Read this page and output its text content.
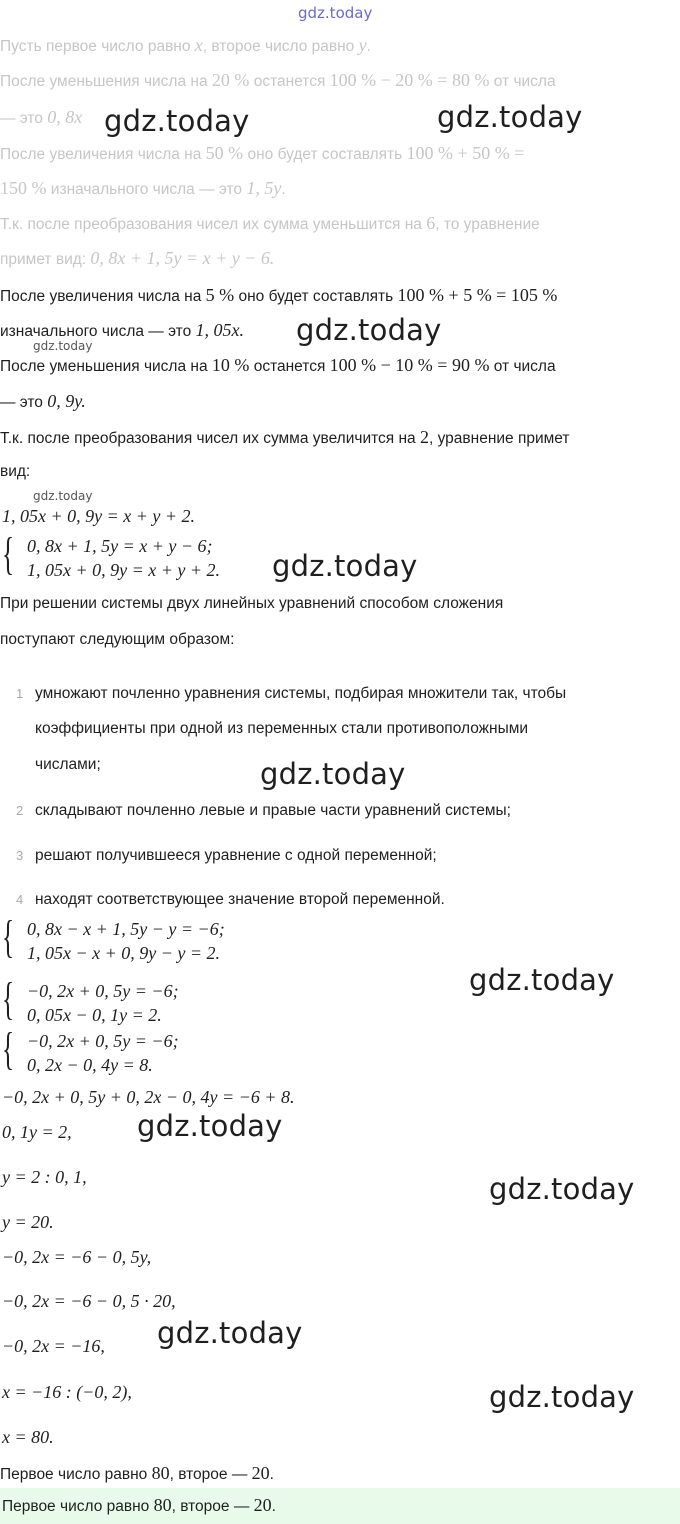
gdz.today
Пусть первое число равно x, второе число равно y.
После уменьшения числа на 20 % останется 100 % − 20 % = 80 % от числа
— это 0, 8x
После увеличения числа на 50 % оно будет составлять 100 % + 50 % =
150 % изначального числа — это 1, 5y.
Т.к. после преобразования чисел их сумма уменьшится на 6, то уравнение
примет вид: 0, 8x + 1, 5y = x + y − 6.
После увеличения числа на 5 % оно будет составлять 100 % + 5 % = 105 %
изначального числа — это 1, 05x.
После уменьшения числа на 10 % останется 100 % − 10 % = 90 % от числа
— это 0, 9y.
Т.к. после преобразования чисел их сумма увеличится на 2, уравнение примет
вид:
1, 05x + 0, 9y = x + y + 2.
{ 0, 8x + 1, 5y = x + y − 6;
1, 05x + 0, 9y = x + y + 2.
При решении системы двух линейных уравнений способом сложения
поступают следующим образом:
1 умножают почленно уравнения системы, подбирая множители так, чтобы
коэффициенты при одной из переменных стали противоположными
числами;
2 складывают почленно левые и правые части уравнений системы;
3 решают получившееся уравнение с одной переменной;
4 находят соответствующее значение второй переменной.
{ 0, 8x − x + 1, 5y − y = −6;
1, 05x − x + 0, 9y − y = 2.
{ −0, 2x + 0, 5y = −6;
0, 05x − 0, 1y = 2.
{ −0, 2x + 0, 5y = −6;
0, 2x − 0, 4y = 8.
−0, 2x + 0, 5y + 0, 2x − 0, 4y = −6 + 8.
0, 1y = 2,
y = 2 : 0, 1,
y = 20.
−0, 2x = −6 − 0, 5y,
−0, 2x = −6 − 0, 5 · 20,
−0, 2x = −16,
x = −16 : (−0, 2),
x = 80.
Первое число равно 80, второе — 20.
Первое число равно 80, второе — 20.
gdz.today	gdz.today
gdz.today
gdz.today
gdz.today
gdz.today
gdz.today
gdz.today
gdz.today
gdz.today
gdz.today
gdz.today
